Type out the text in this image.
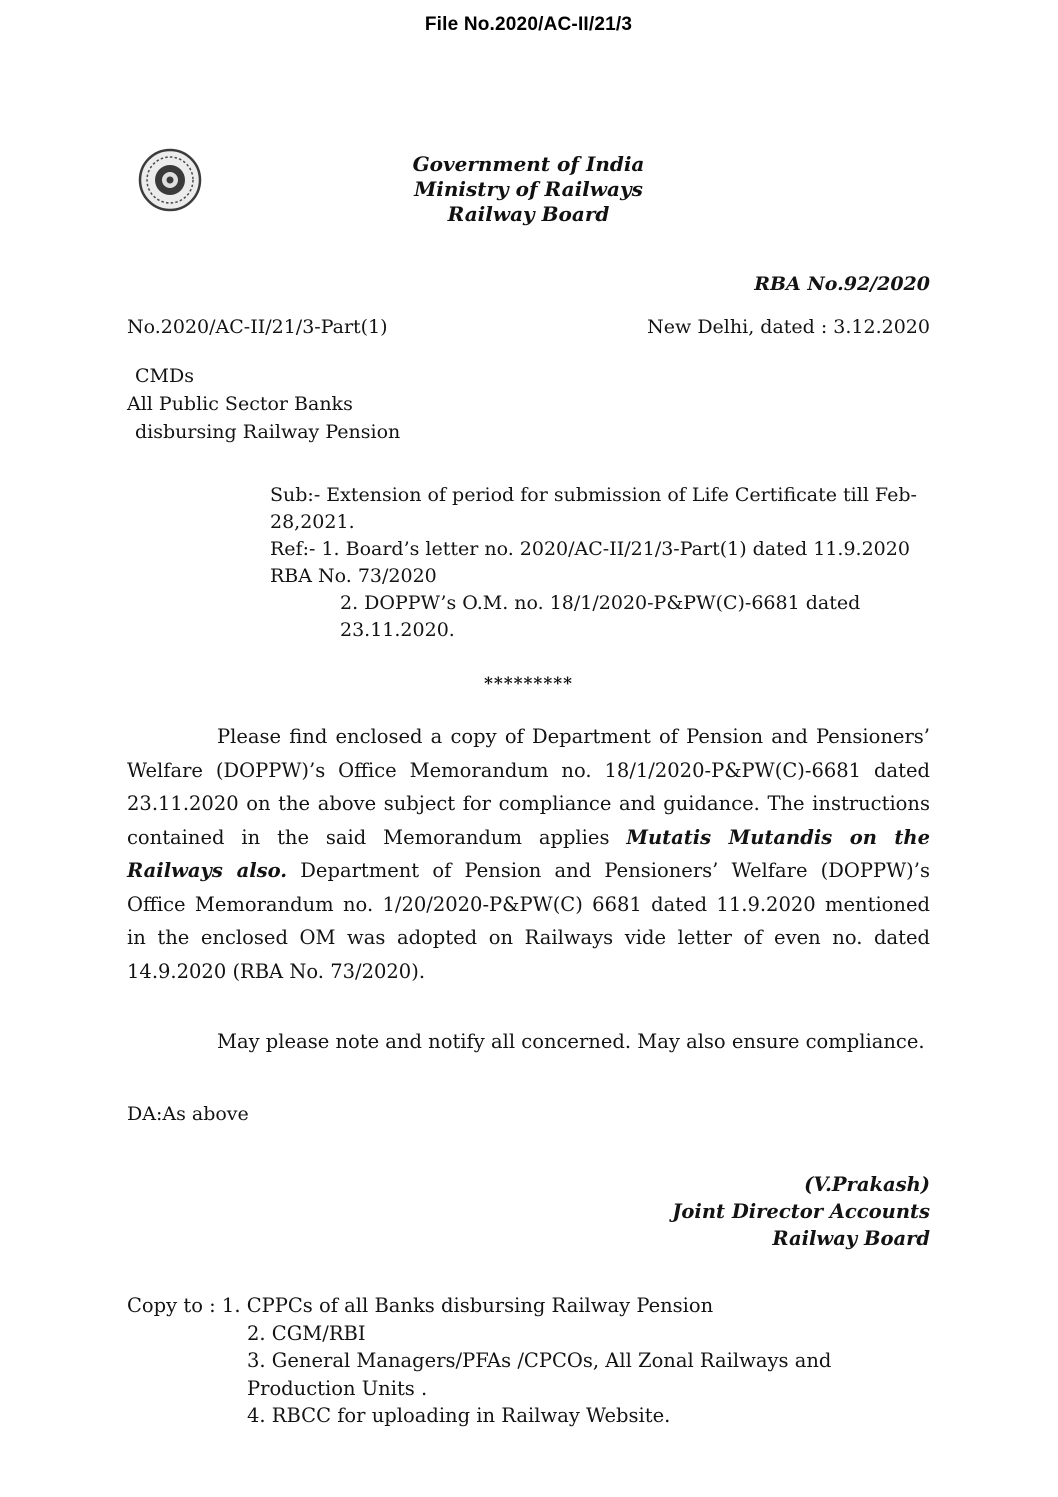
File No.2020/AC-II/21/3
Government of India
Ministry of Railways
Railway Board
RBA No.92/2020
No.2020/AC-II/21/3-Part(1)	New Delhi, dated : 3.12.2020
CMDs
All Public Sector Banks
disbursing Railway Pension
Sub:- Extension of period for submission of Life Certificate till Feb-28,2021.
Ref:- 1. Board’s letter no. 2020/AC-II/21/3-Part(1) dated 11.9.2020 RBA No. 73/2020
2. DOPPW’s O.M. no. 18/1/2020-P&PW(C)-6681 dated 23.11.2020.
*********

Please find enclosed a copy of Department of Pension and Pensioners’ Welfare (DOPPW)’s Office Memorandum no. 18/1/2020-P&PW(C)-6681 dated 23.11.2020 on the above subject for compliance and guidance. The instructions contained in the said Memorandum applies Mutatis Mutandis on the Railways also. Department of Pension and Pensioners’ Welfare (DOPPW)’s Office Memorandum no. 1/20/2020-P&PW(C) 6681 dated 11.9.2020 mentioned in the enclosed OM was adopted on Railways vide letter of even no. dated 14.9.2020 (RBA No. 73/2020).

May please note and notify all concerned. May also ensure compliance.
DA:As above
(V.Prakash)
Joint Director Accounts
Railway Board
Copy to : 1. CPPCs of all Banks disbursing Railway Pension
2. CGM/RBI
3. General Managers/PFAs /CPCOs, All Zonal Railways and Production Units .
4. RBCC for uploading in Railway Website.
